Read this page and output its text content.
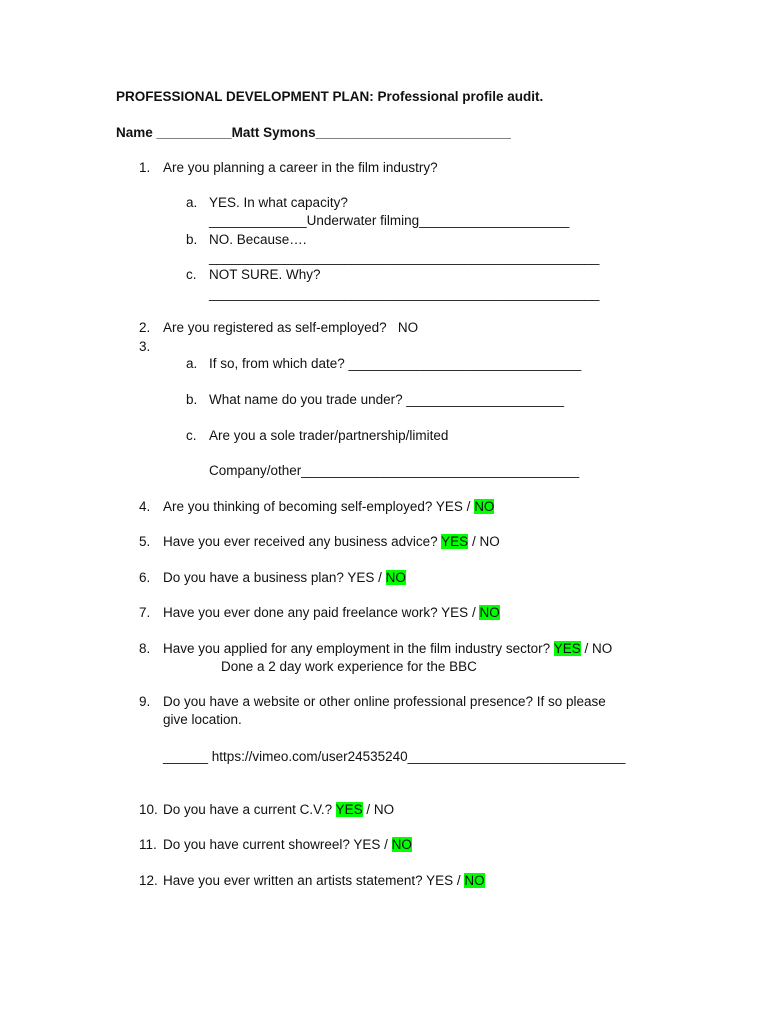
PROFESSIONAL DEVELOPMENT PLAN: Professional profile audit.
Name __________Matt Symons__________________________
1. Are you planning a career in the film industry?
a. YES. In what capacity?
_____________Underwater filming____________________
b. NO. Because….
____________________________________________________
c. NOT SURE. Why?
____________________________________________________
2. Are you registered as self-employed?   NO
3.
a. If so, from which date? _______________________________
b. What name do you trade under? _____________________
c. Are you a sole trader/partnership/limited
Company/other_____________________________________
4. Are you thinking of becoming self-employed? YES / NO
5. Have you ever received any business advice? YES / NO
6. Do you have a business plan? YES / NO
7. Have you ever done any paid freelance work? YES / NO
8. Have you applied for any employment in the film industry sector? YES / NO
Done a 2 day work experience for the BBC
9. Do you have a website or other online professional presence? If so please
give location.
______ https://vimeo.com/user24535240_____________________________
10. Do you have a current C.V.? YES / NO
11. Do you have current showreel? YES / NO
12. Have you ever written an artists statement? YES / NO
